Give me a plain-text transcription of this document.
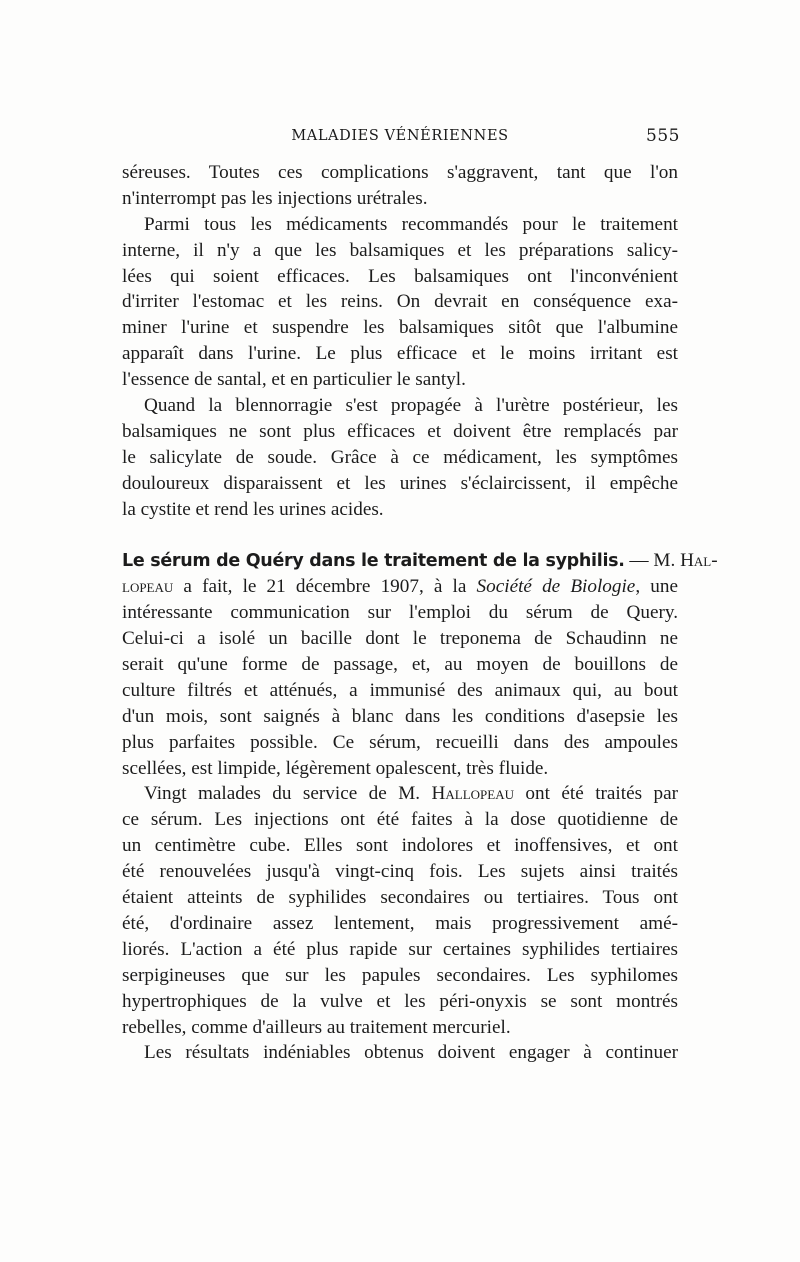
MALADIES VÉNÉRIENNES	555
séreuses. Toutes ces complications s'aggravent, tant que l'on
n'interrompt pas les injections urétrales.
Parmi tous les médicaments recommandés pour le traitement
interne, il n'y a que les balsamiques et les préparations salicy-
lées qui soient efficaces. Les balsamiques ont l'inconvénient
d'irriter l'estomac et les reins. On devrait en conséquence exa-
miner l'urine et suspendre les balsamiques sitôt que l'albumine
apparaît dans l'urine. Le plus efficace et le moins irritant est
l'essence de santal, et en particulier le santyl.
Quand la blennorragie s'est propagée à l'urètre postérieur, les
balsamiques ne sont plus efficaces et doivent être remplacés par
le salicylate de soude. Grâce à ce médicament, les symptômes
douloureux disparaissent et les urines s'éclaircissent, il empêche
la cystite et rend les urines acides.
Le sérum de Quéry dans le traitement de la syphilis. — M. Hal-
lopeau a fait, le 21 décembre 1907, à la Société de Biologie, une
intéressante communication sur l'emploi du sérum de Query.
Celui-ci a isolé un bacille dont le treponema de Schaudinn ne
serait qu'une forme de passage, et, au moyen de bouillons de
culture filtrés et atténués, a immunisé des animaux qui, au bout
d'un mois, sont saignés à blanc dans les conditions d'asepsie les
plus parfaites possible. Ce sérum, recueilli dans des ampoules
scellées, est limpide, légèrement opalescent, très fluide.
Vingt malades du service de M. Hallopeau ont été traités par
ce sérum. Les injections ont été faites à la dose quotidienne de
un centimètre cube. Elles sont indolores et inoffensives, et ont
été renouvelées jusqu'à vingt-cinq fois. Les sujets ainsi traités
étaient atteints de syphilides secondaires ou tertiaires. Tous ont
été, d'ordinaire assez lentement, mais progressivement amé-
liorés. L'action a été plus rapide sur certaines syphilides tertiaires
serpigineuses que sur les papules secondaires. Les syphilomes
hypertrophiques de la vulve et les péri-onyxis se sont montrés
rebelles, comme d'ailleurs au traitement mercuriel.
Les résultats indéniables obtenus doivent engager à continuer
